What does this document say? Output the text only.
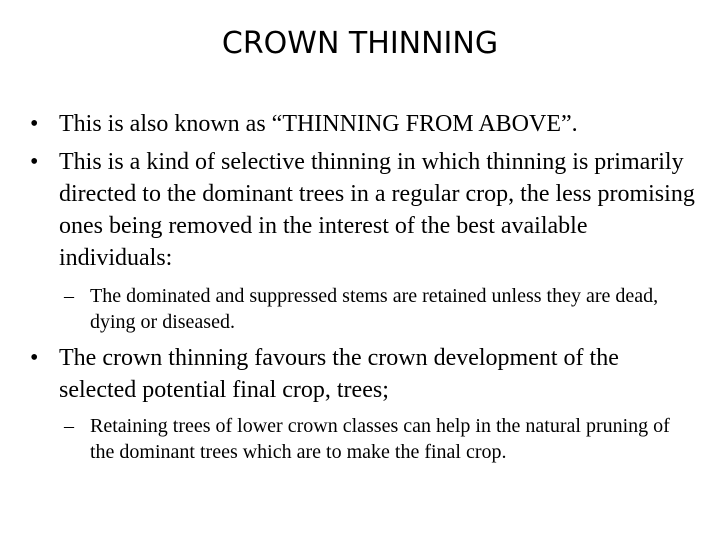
CROWN THINNING
• This is also known as “THINNING FROM ABOVE”.
• This is a kind of selective thinning in which thinning is primarily directed to the dominant trees in a regular crop, the less promising ones being removed in the interest of the best available individuals:
– The dominated and suppressed stems are retained unless they are dead, dying or diseased.
• The crown thinning favours the crown development of the selected potential final crop, trees;
– Retaining trees of lower crown classes can help in the natural pruning of the dominant trees which are to make the final crop.
